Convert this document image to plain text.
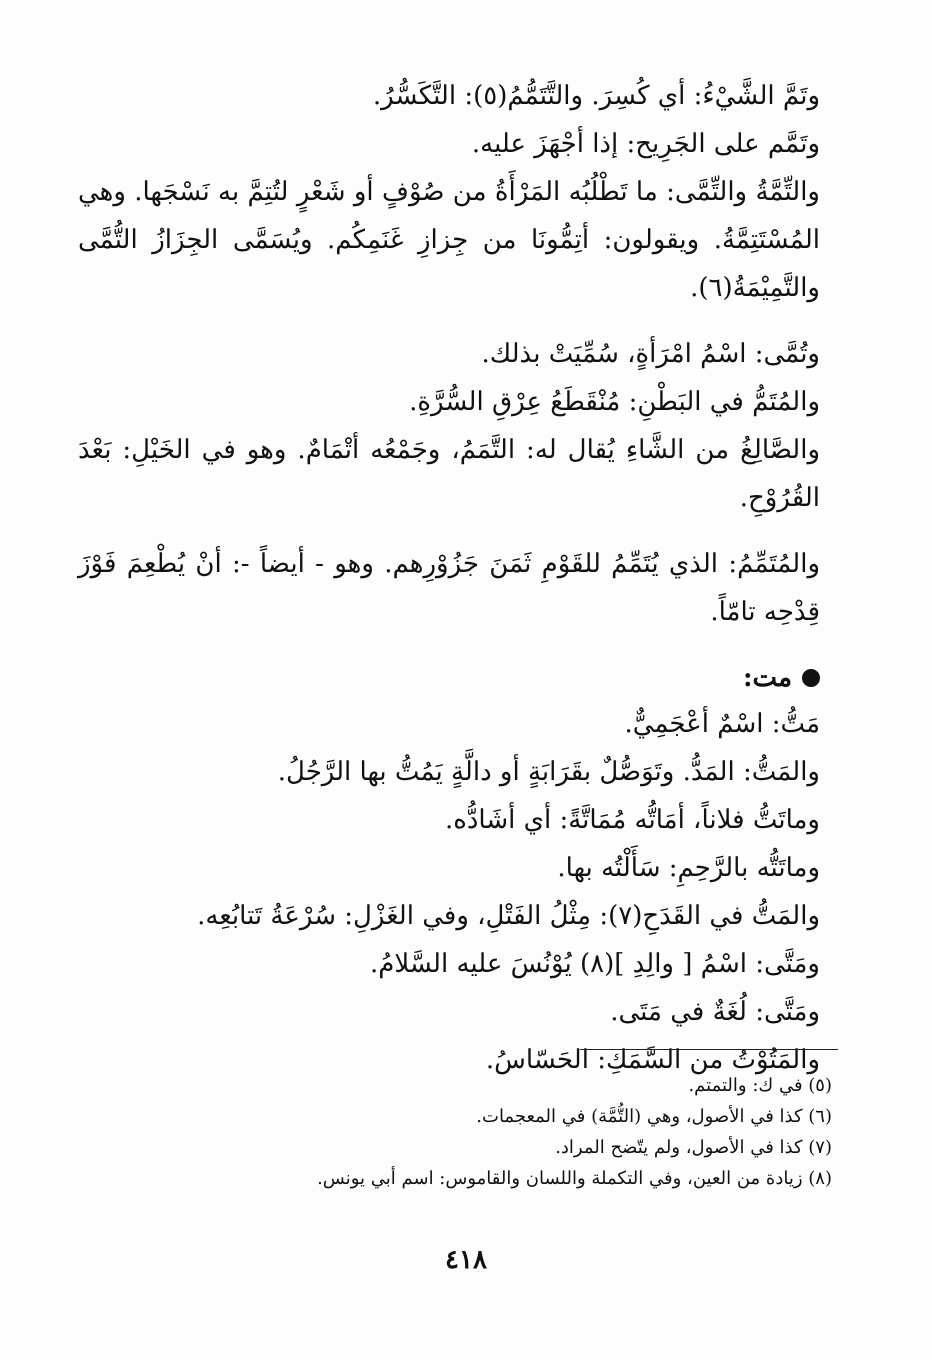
وتَمَّ الشَّيْءُ: أي كُسِرَ. والتَّتَمُّمُ(٥): التَّكَسُّرُ.

وتَمَّم على الجَرِيح: إذا أجْهَزَ عليه.

والتِّمَّةُ والتِّمَّى: ما تَطْلُبُه المَرْأَةُ من صُوْفٍ أو شَعْرٍ لتُتِمَّ به نَسْجَها. وهي المُسْتَتِمَّةُ. ويقولون: أتِمُّونَا من جِزازِ غَنَمِكُم. ويُسَمَّى الجِزَازُ التُّمَّى والتَّمِيْمَةُ(٦).

وتُمَّى: اسْمُ امْرَأةٍ، سُمِّيَتْ بذلك.

والمُتَمُّ في البَطْنِ: مُنْقَطَعُ عِرْقِ السُّرَّةِ.

والصَّالِغُ من الشَّاءِ يُقال له: التَّمَمُ، وجَمْعُه أتْمَامٌ. وهو في الخَيْلِ: بَعْدَ القُرُوْحِ.

والمُتَمِّمُ: الذي يُتَمِّمُ للقَوْمِ ثَمَنَ جَزُوْرِهم. وهو - أيضاً -: أنْ يُطْعِمَ فَوْزَ قِدْحِه تامّاً.

مت:

مَتُّ: اسْمٌ أعْجَمِيٌّ.

والمَتُّ: المَدُّ. وتَوَصُّلٌ بقَرَابَةٍ أو دالَّةٍ يَمُتُّ بها الرَّجُلُ.

وماتَتُّ فلاناً، أمَاتُّه مُمَاتَّةً: أي أشَادُّه.

وماتَتُّه بالرَّحِمِ: سَأَلْتُه بها.

والمَتُّ في القَدَحِ(٧): مِثْلُ الفَتْلِ، وفي الغَزْلِ: سُرْعَةُ تَتابُعِه.

ومَتَّى: اسْمُ [ والِدِ ](٨) يُوْنُسَ عليه السَّلامُ.

ومَتَّى: لُغَةٌ في مَتَى.

والمَتُوْتُ من السَّمَكِ: الحَسّاسُ.

(٥) في ك: والتمتم.

(٦) كذا في الأصول، وهي (التُّمَّة) في المعجمات.

(٧) كذا في الأصول، ولم يتّضح المراد.

(٨) زيادة من العين، وفي التكملة واللسان والقاموس: اسم أبي يونس.

٤١٨
